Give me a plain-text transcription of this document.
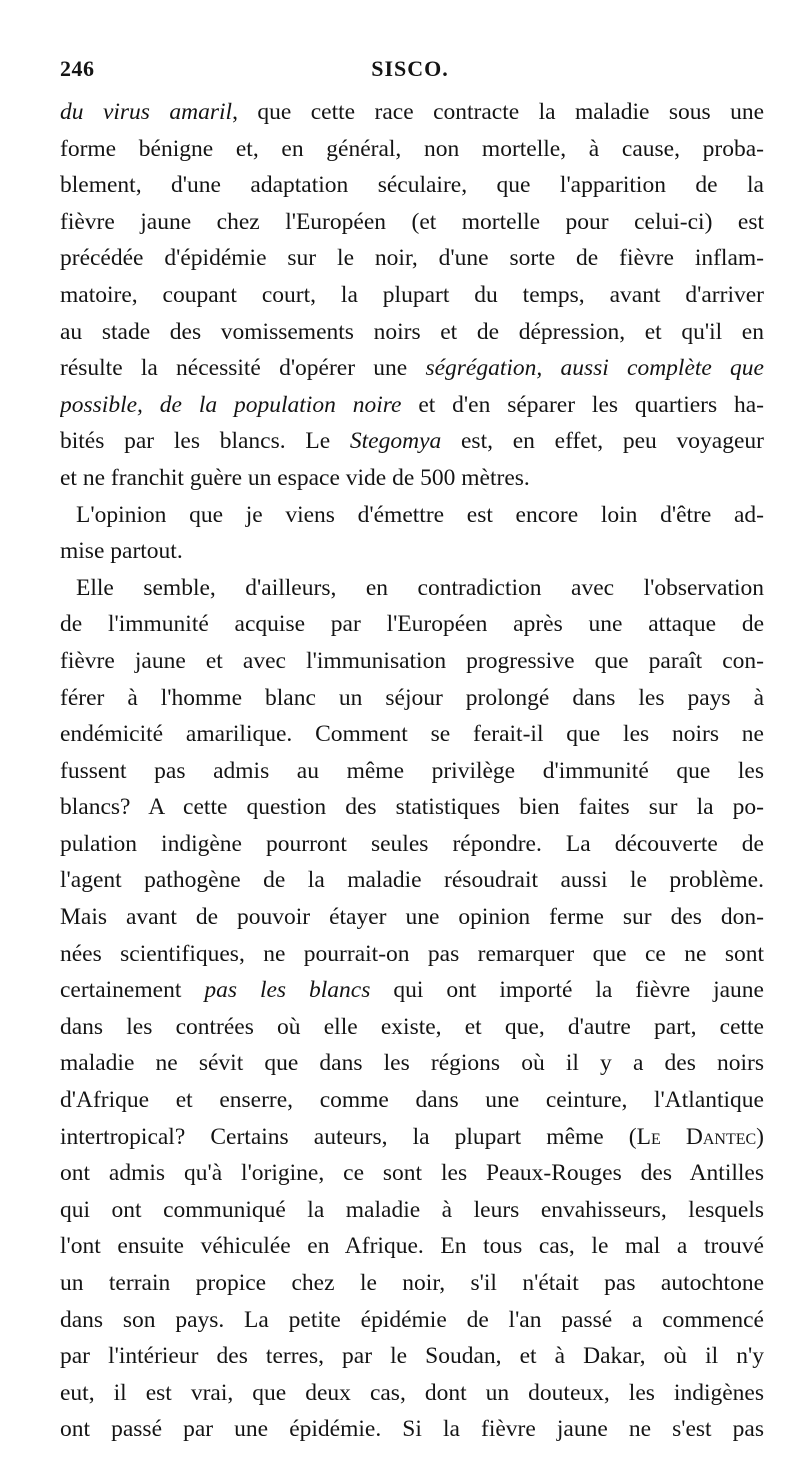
246	SISCO.
du virus amaril, que cette race contracte la maladie sous une
forme bénigne et, en général, non mortelle, à cause, proba-
blement, d'une adaptation séculaire, que l'apparition de la
fièvre jaune chez l'Européen (et mortelle pour celui-ci) est
précédée d'épidémie sur le noir, d'une sorte de fièvre inflam-
matoire, coupant court, la plupart du temps, avant d'arriver
au stade des vomissements noirs et de dépression, et qu'il en
résulte la nécessité d'opérer une ségrégation, aussi complète que
possible, de la population noire et d'en séparer les quartiers ha-
bités par les blancs. Le Stegomya est, en effet, peu voyageur
et ne franchit guère un espace vide de 500 mètres.
L'opinion que je viens d'émettre est encore loin d'être ad-
mise partout.
Elle semble, d'ailleurs, en contradiction avec l'observation
de l'immunité acquise par l'Européen après une attaque de
fièvre jaune et avec l'immunisation progressive que paraît con-
férer à l'homme blanc un séjour prolongé dans les pays à
endémicité amarilique. Comment se ferait-il que les noirs ne
fussent pas admis au même privilège d'immunité que les
blancs? A cette question des statistiques bien faites sur la po-
pulation indigène pourront seules répondre. La découverte de
l'agent pathogène de la maladie résoudrait aussi le problème.
Mais avant de pouvoir étayer une opinion ferme sur des don-
nées scientifiques, ne pourrait-on pas remarquer que ce ne sont
certainement pas les blancs qui ont importé la fièvre jaune
dans les contrées où elle existe, et que, d'autre part, cette
maladie ne sévit que dans les régions où il y a des noirs
d'Afrique et enserre, comme dans une ceinture, l'Atlantique
intertropical? Certains auteurs, la plupart même (Le Dantec)
ont admis qu'à l'origine, ce sont les Peaux-Rouges des Antilles
qui ont communiqué la maladie à leurs envahisseurs, lesquels
l'ont ensuite véhiculée en Afrique. En tous cas, le mal a trouvé
un terrain propice chez le noir, s'il n'était pas autochtone
dans son pays. La petite épidémie de l'an passé a commencé
par l'intérieur des terres, par le Soudan, et à Dakar, où il n'y
eut, il est vrai, que deux cas, dont un douteux, les indigènes
ont passé par une épidémie. Si la fièvre jaune ne s'est pas
